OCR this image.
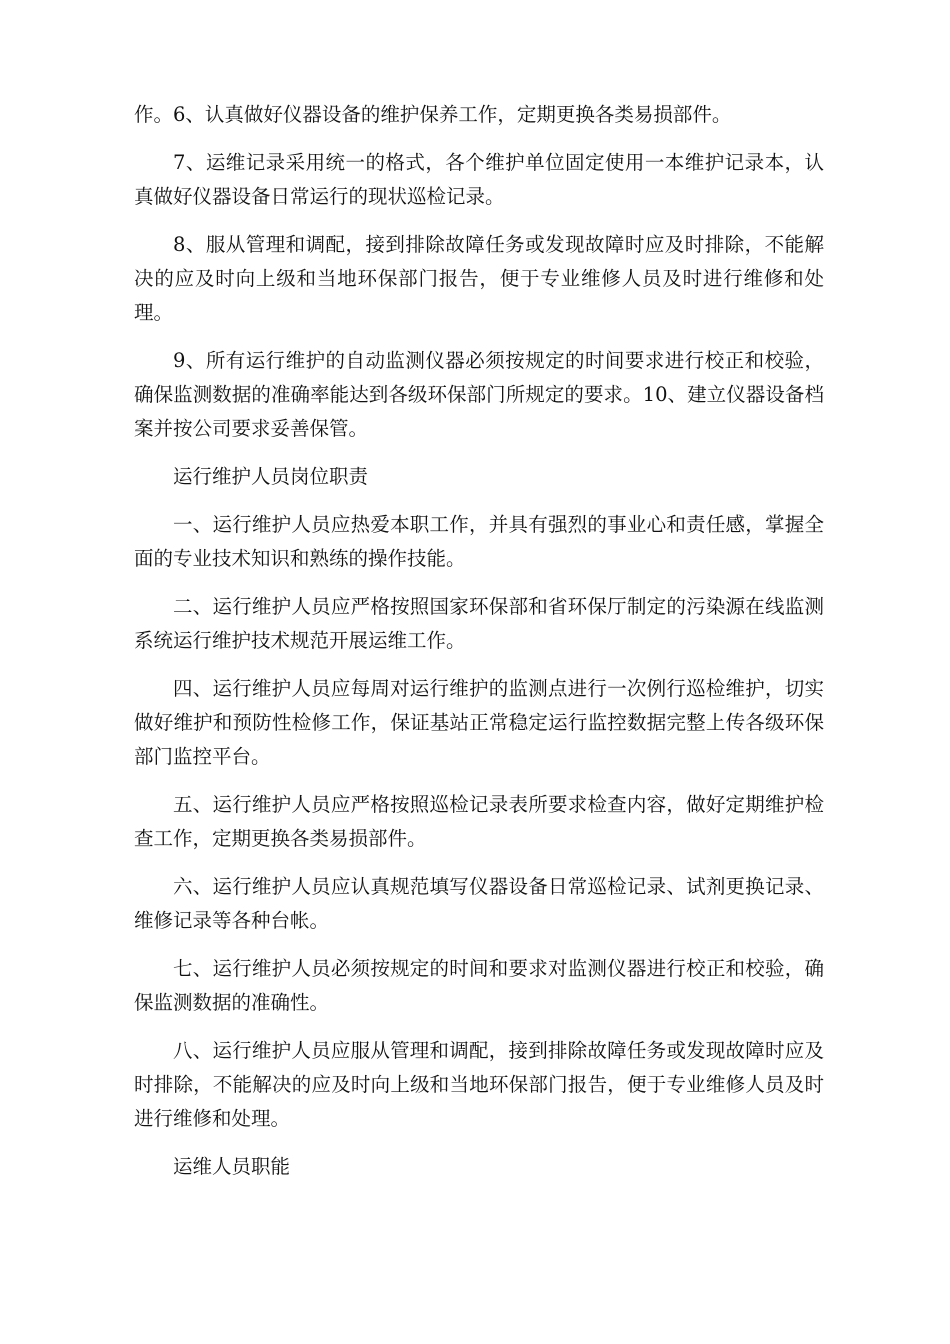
作。6、认真做好仪器设备的维护保养工作，定期更换各类易损部件。

7、运维记录采用统一的格式，各个维护单位固定使用一本维护记录本，认真做好仪器设备日常运行的现状巡检记录。

8、服从管理和调配，接到排除故障任务或发现故障时应及时排除，不能解决的应及时向上级和当地环保部门报告，便于专业维修人员及时进行维修和处理。

9、所有运行维护的自动监测仪器必须按规定的时间要求进行校正和校验，确保监测数据的准确率能达到各级环保部门所规定的要求。10、建立仪器设备档案并按公司要求妥善保管。

运行维护人员岗位职责

一、运行维护人员应热爱本职工作，并具有强烈的事业心和责任感，掌握全面的专业技术知识和熟练的操作技能。

二、运行维护人员应严格按照国家环保部和省环保厅制定的污染源在线监测系统运行维护技术规范开展运维工作。

四、运行维护人员应每周对运行维护的监测点进行一次例行巡检维护，切实做好维护和预防性检修工作，保证基站正常稳定运行监控数据完整上传各级环保部门监控平台。

五、运行维护人员应严格按照巡检记录表所要求检查内容，做好定期维护检查工作，定期更换各类易损部件。

六、运行维护人员应认真规范填写仪器设备日常巡检记录、试剂更换记录、维修记录等各种台帐。

七、运行维护人员必须按规定的时间和要求对监测仪器进行校正和校验，确保监测数据的准确性。

八、运行维护人员应服从管理和调配，接到排除故障任务或发现故障时应及时排除，不能解决的应及时向上级和当地环保部门报告，便于专业维修人员及时进行维修和处理。

运维人员职能
